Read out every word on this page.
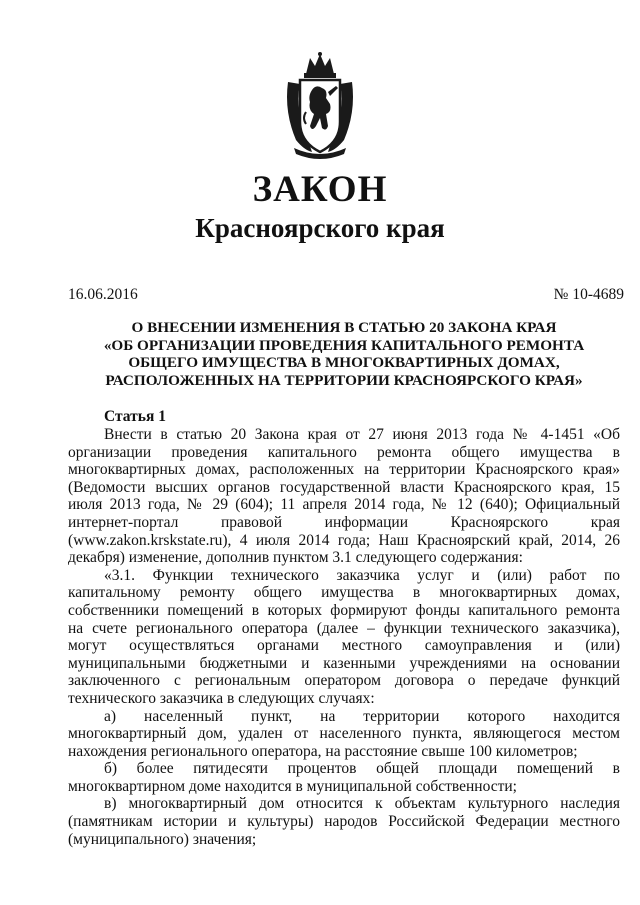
ЗАКОН
Красноярского края
16.06.2016	№ 10-4689
О ВНЕСЕНИИ ИЗМЕНЕНИЯ В СТАТЬЮ 20 ЗАКОНА КРАЯ
«ОБ ОРГАНИЗАЦИИ ПРОВЕДЕНИЯ КАПИТАЛЬНОГО РЕМОНТА
ОБЩЕГО ИМУЩЕСТВА В МНОГОКВАРТИРНЫХ ДОМАХ,
РАСПОЛОЖЕННЫХ НА ТЕРРИТОРИИ КРАСНОЯРСКОГО КРАЯ»
Статья 1
Внести в статью 20 Закона края от 27 июня 2013 года № 4-1451 «Об
организации проведения капитального ремонта общего имущества в
многоквартирных домах, расположенных на территории Красноярского края»
(Ведомости высших органов государственной власти Красноярского края, 15
июля 2013 года, № 29 (604); 11 апреля 2014 года, № 12 (640); Официальный
интернет-портал правовой информации Красноярского края
(www.zakon.krskstate.ru), 4 июля 2014 года; Наш Красноярский край, 2014, 26
декабря) изменение, дополнив пунктом 3.1 следующего содержания:
«3.1. Функции технического заказчика услуг и (или) работ по
капитальному ремонту общего имущества в многоквартирных домах,
собственники помещений в которых формируют фонды капитального ремонта
на счете регионального оператора (далее – функции технического заказчика),
могут осуществляться органами местного самоуправления и (или)
муниципальными бюджетными и казенными учреждениями на основании
заключенного с региональным оператором договора о передаче функций
технического заказчика в следующих случаях:
а) населенный пункт, на территории которого находится
многоквартирный дом, удален от населенного пункта, являющегося местом
нахождения регионального оператора, на расстояние свыше 100 километров;
б) более пятидесяти процентов общей площади помещений в
многоквартирном доме находится в муниципальной собственности;
в) многоквартирный дом относится к объектам культурного наследия
(памятникам истории и культуры) народов Российской Федерации местного
(муниципального) значения;
